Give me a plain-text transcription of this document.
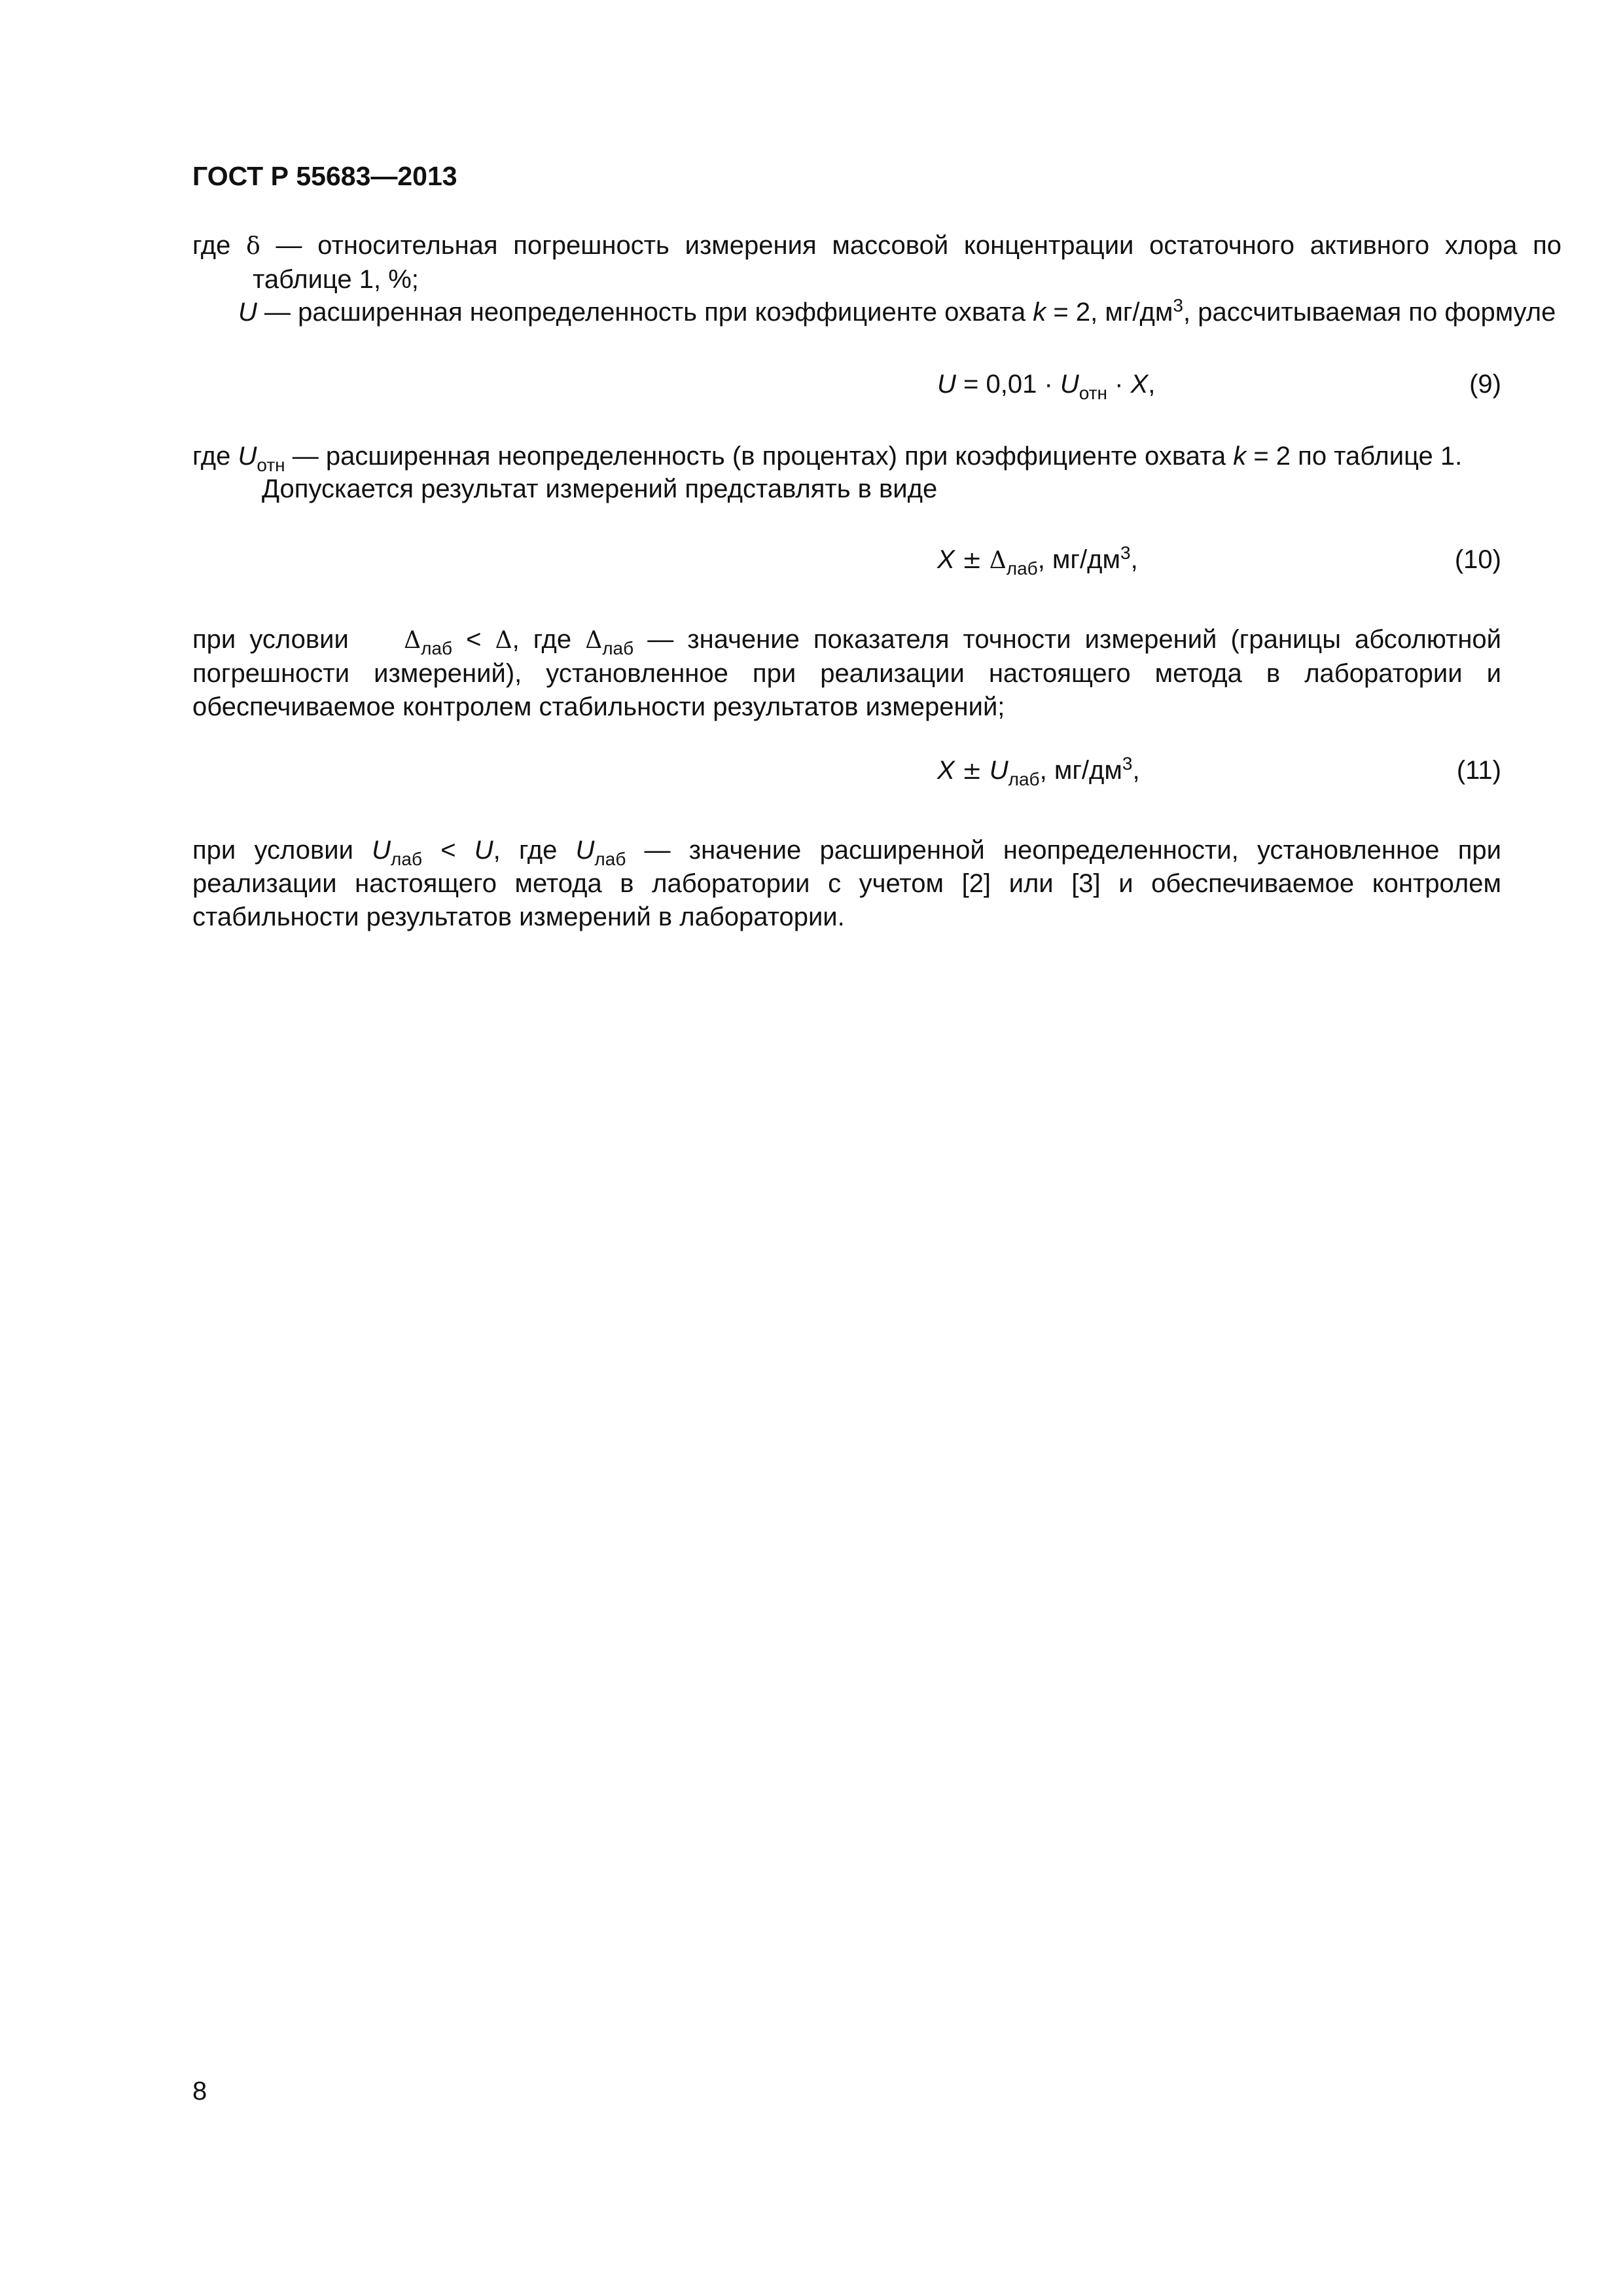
ГОСТ Р 55683—2013
где δ — относительная погрешность измерения массовой концентрации остаточного активного хлора по таблице 1, %;
U — расширенная неопределенность при коэффициенте охвата k = 2, $мг/дм^3$, рассчитываемая по формуле
$U = 0,01 \cdot U_{отн} \cdot X$,	(9)
где $U_{отн}$ — расширенная неопределенность (в процентах) при коэффициенте охвата k = 2 по таблице 1.
Допускается результат измерений представлять в виде
$X \pm \Delta_{лаб}$, $мг/дм^3$,	(10)
при условии    $\Delta_{лаб} < \Delta$, где $\Delta_{лаб}$ — значение показателя точности измерений (границы абсолютной погрешности измерений), установленное при реализации настоящего метода в лаборатории и обеспечиваемое контролем стабильности результатов измерений;
$X \pm U_{лаб}$, $мг/дм^3$,	(11)
при условии $U_{лаб} < U$, где $U_{лаб}$ — значение расширенной неопределенности, установленное при реализации настоящего метода в лаборатории с учетом [2] или [3] и обеспечиваемое контролем стабильности результатов измерений в лаборатории.
8
